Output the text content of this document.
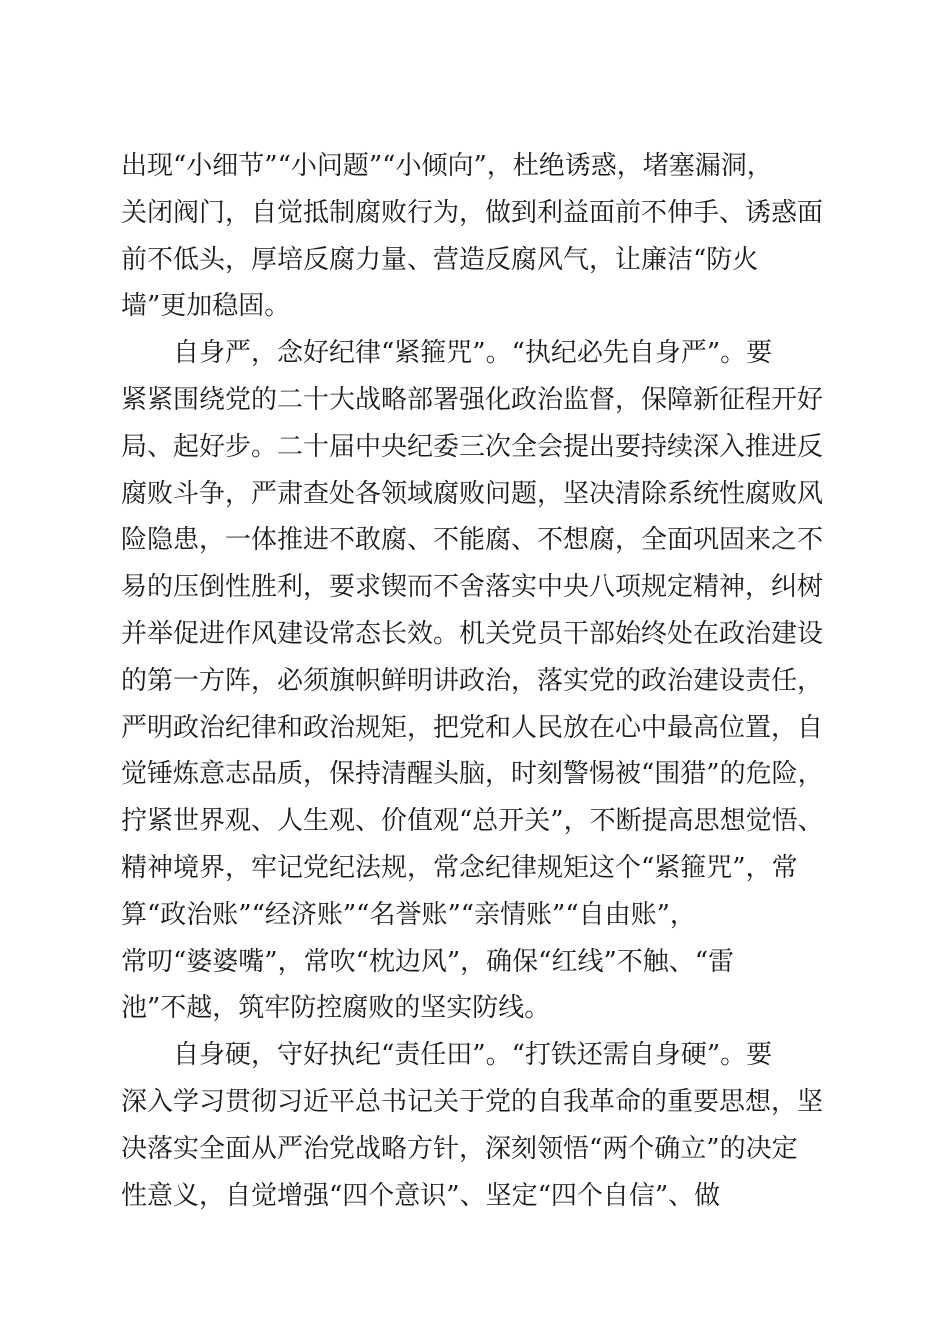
出现“小细节”“小问题”“小倾向”，杜绝诱惑，堵塞漏洞，
关闭阀门，自觉抵制腐败行为，做到利益面前不伸手、诱惑面
前不低头，厚培反腐力量、营造反腐风气，让廉洁“防火
墙”更加稳固。
　　自身严，念好纪律“紧箍咒”。“执纪必先自身严”。要
紧紧围绕党的二十大战略部署强化政治监督，保障新征程开好
局、起好步。二十届中央纪委三次全会提出要持续深入推进反
腐败斗争，严肃查处各领域腐败问题，坚决清除系统性腐败风
险隐患，一体推进不敢腐、不能腐、不想腐，全面巩固来之不
易的压倒性胜利，要求锲而不舍落实中央八项规定精神，纠树
并举促进作风建设常态长效。机关党员干部始终处在政治建设
的第一方阵，必须旗帜鲜明讲政治，落实党的政治建设责任，
严明政治纪律和政治规矩，把党和人民放在心中最高位置，自
觉锤炼意志品质，保持清醒头脑，时刻警惕被“围猎”的危险，
拧紧世界观、人生观、价值观“总开关”，不断提高思想觉悟、
精神境界，牢记党纪法规，常念纪律规矩这个“紧箍咒”，常
算“政治账”“经济账”“名誉账”“亲情账”“自由账”，
常叨“婆婆嘴”，常吹“枕边风”，确保“红线”不触、“雷
池”不越，筑牢防控腐败的坚实防线。
　　自身硬，守好执纪“责任田”。“打铁还需自身硬”。要
深入学习贯彻习近平总书记关于党的自我革命的重要思想，坚
决落实全面从严治党战略方针，深刻领悟“两个确立”的决定
性意义，自觉增强“四个意识”、坚定“四个自信”、做
